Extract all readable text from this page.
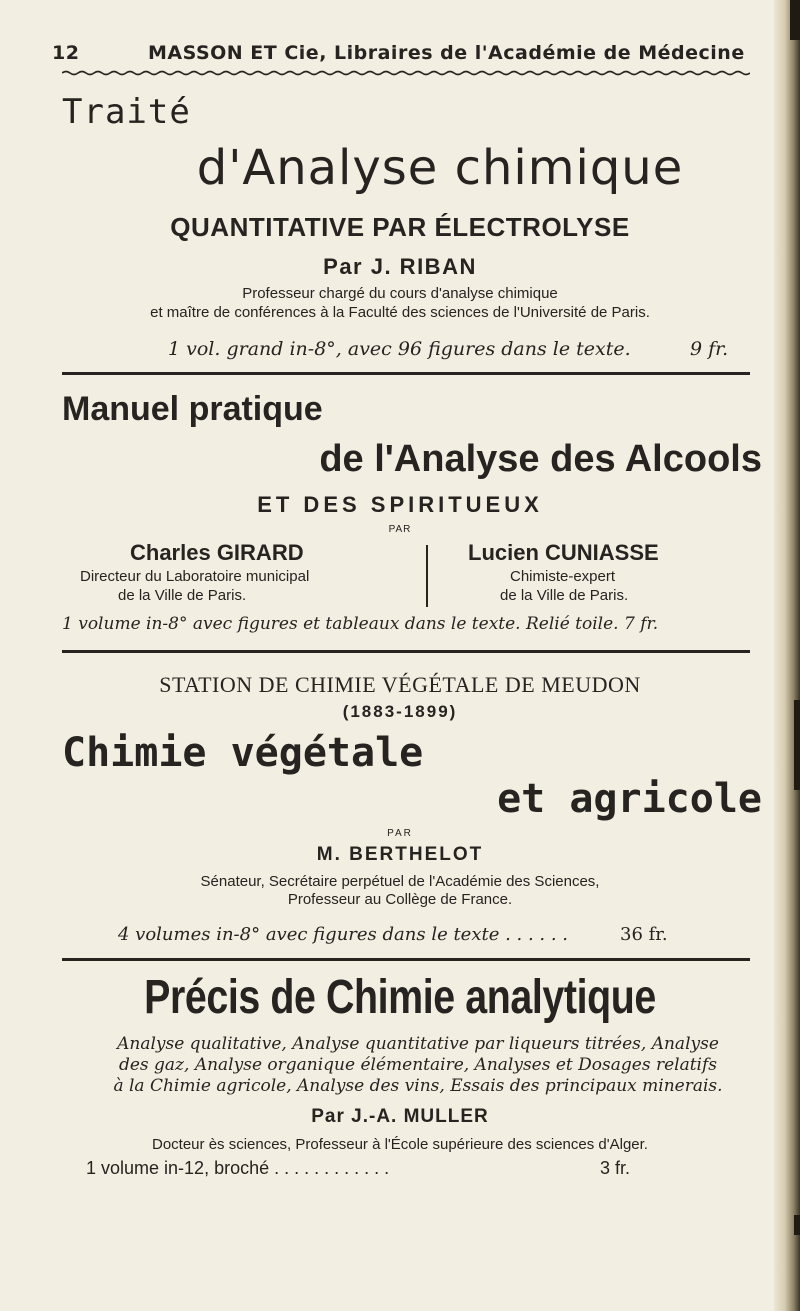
12	MASSON ET Cie, Libraires de l'Académie de Médecine
Traité
d'Analyse chimique
QUANTITATIVE PAR ÉLECTROLYSE
Par J. RIBAN
Professeur chargé du cours d'analyse chimique
et maître de conférences à la Faculté des sciences de l'Université de Paris.
1 vol. grand in-8°, avec 96 figures dans le texte.	9 fr.
Manuel pratique
de l'Analyse des Alcools
ET DES SPIRITUEUX
PAR
Charles GIRARD
Directeur du Laboratoire municipal
de la Ville de Paris.
Lucien CUNIASSE
Chimiste-expert
de la Ville de Paris.
1 volume in-8° avec figures et tableaux dans le texte. Relié toile. 7 fr.
STATION DE CHIMIE VÉGÉTALE DE MEUDON
(1883-1899)
Chimie végétale
et agricole
PAR
M. BERTHELOT
Sénateur, Secrétaire perpétuel de l'Académie des Sciences,
Professeur au Collège de France.
4 volumes in-8° avec figures dans le texte . . . . . .	36 fr.
Précis de Chimie analytique
Analyse qualitative, Analyse quantitative par liqueurs titrées, Analyse
des gaz, Analyse organique élémentaire, Analyses et Dosages relatifs
à la Chimie agricole, Analyse des vins, Essais des principaux minerais.
Par J.-A. MULLER
Docteur ès sciences, Professeur à l'École supérieure des sciences d'Alger.
1 volume in-12, broché . . . . . . . . . . . .	3 fr.
